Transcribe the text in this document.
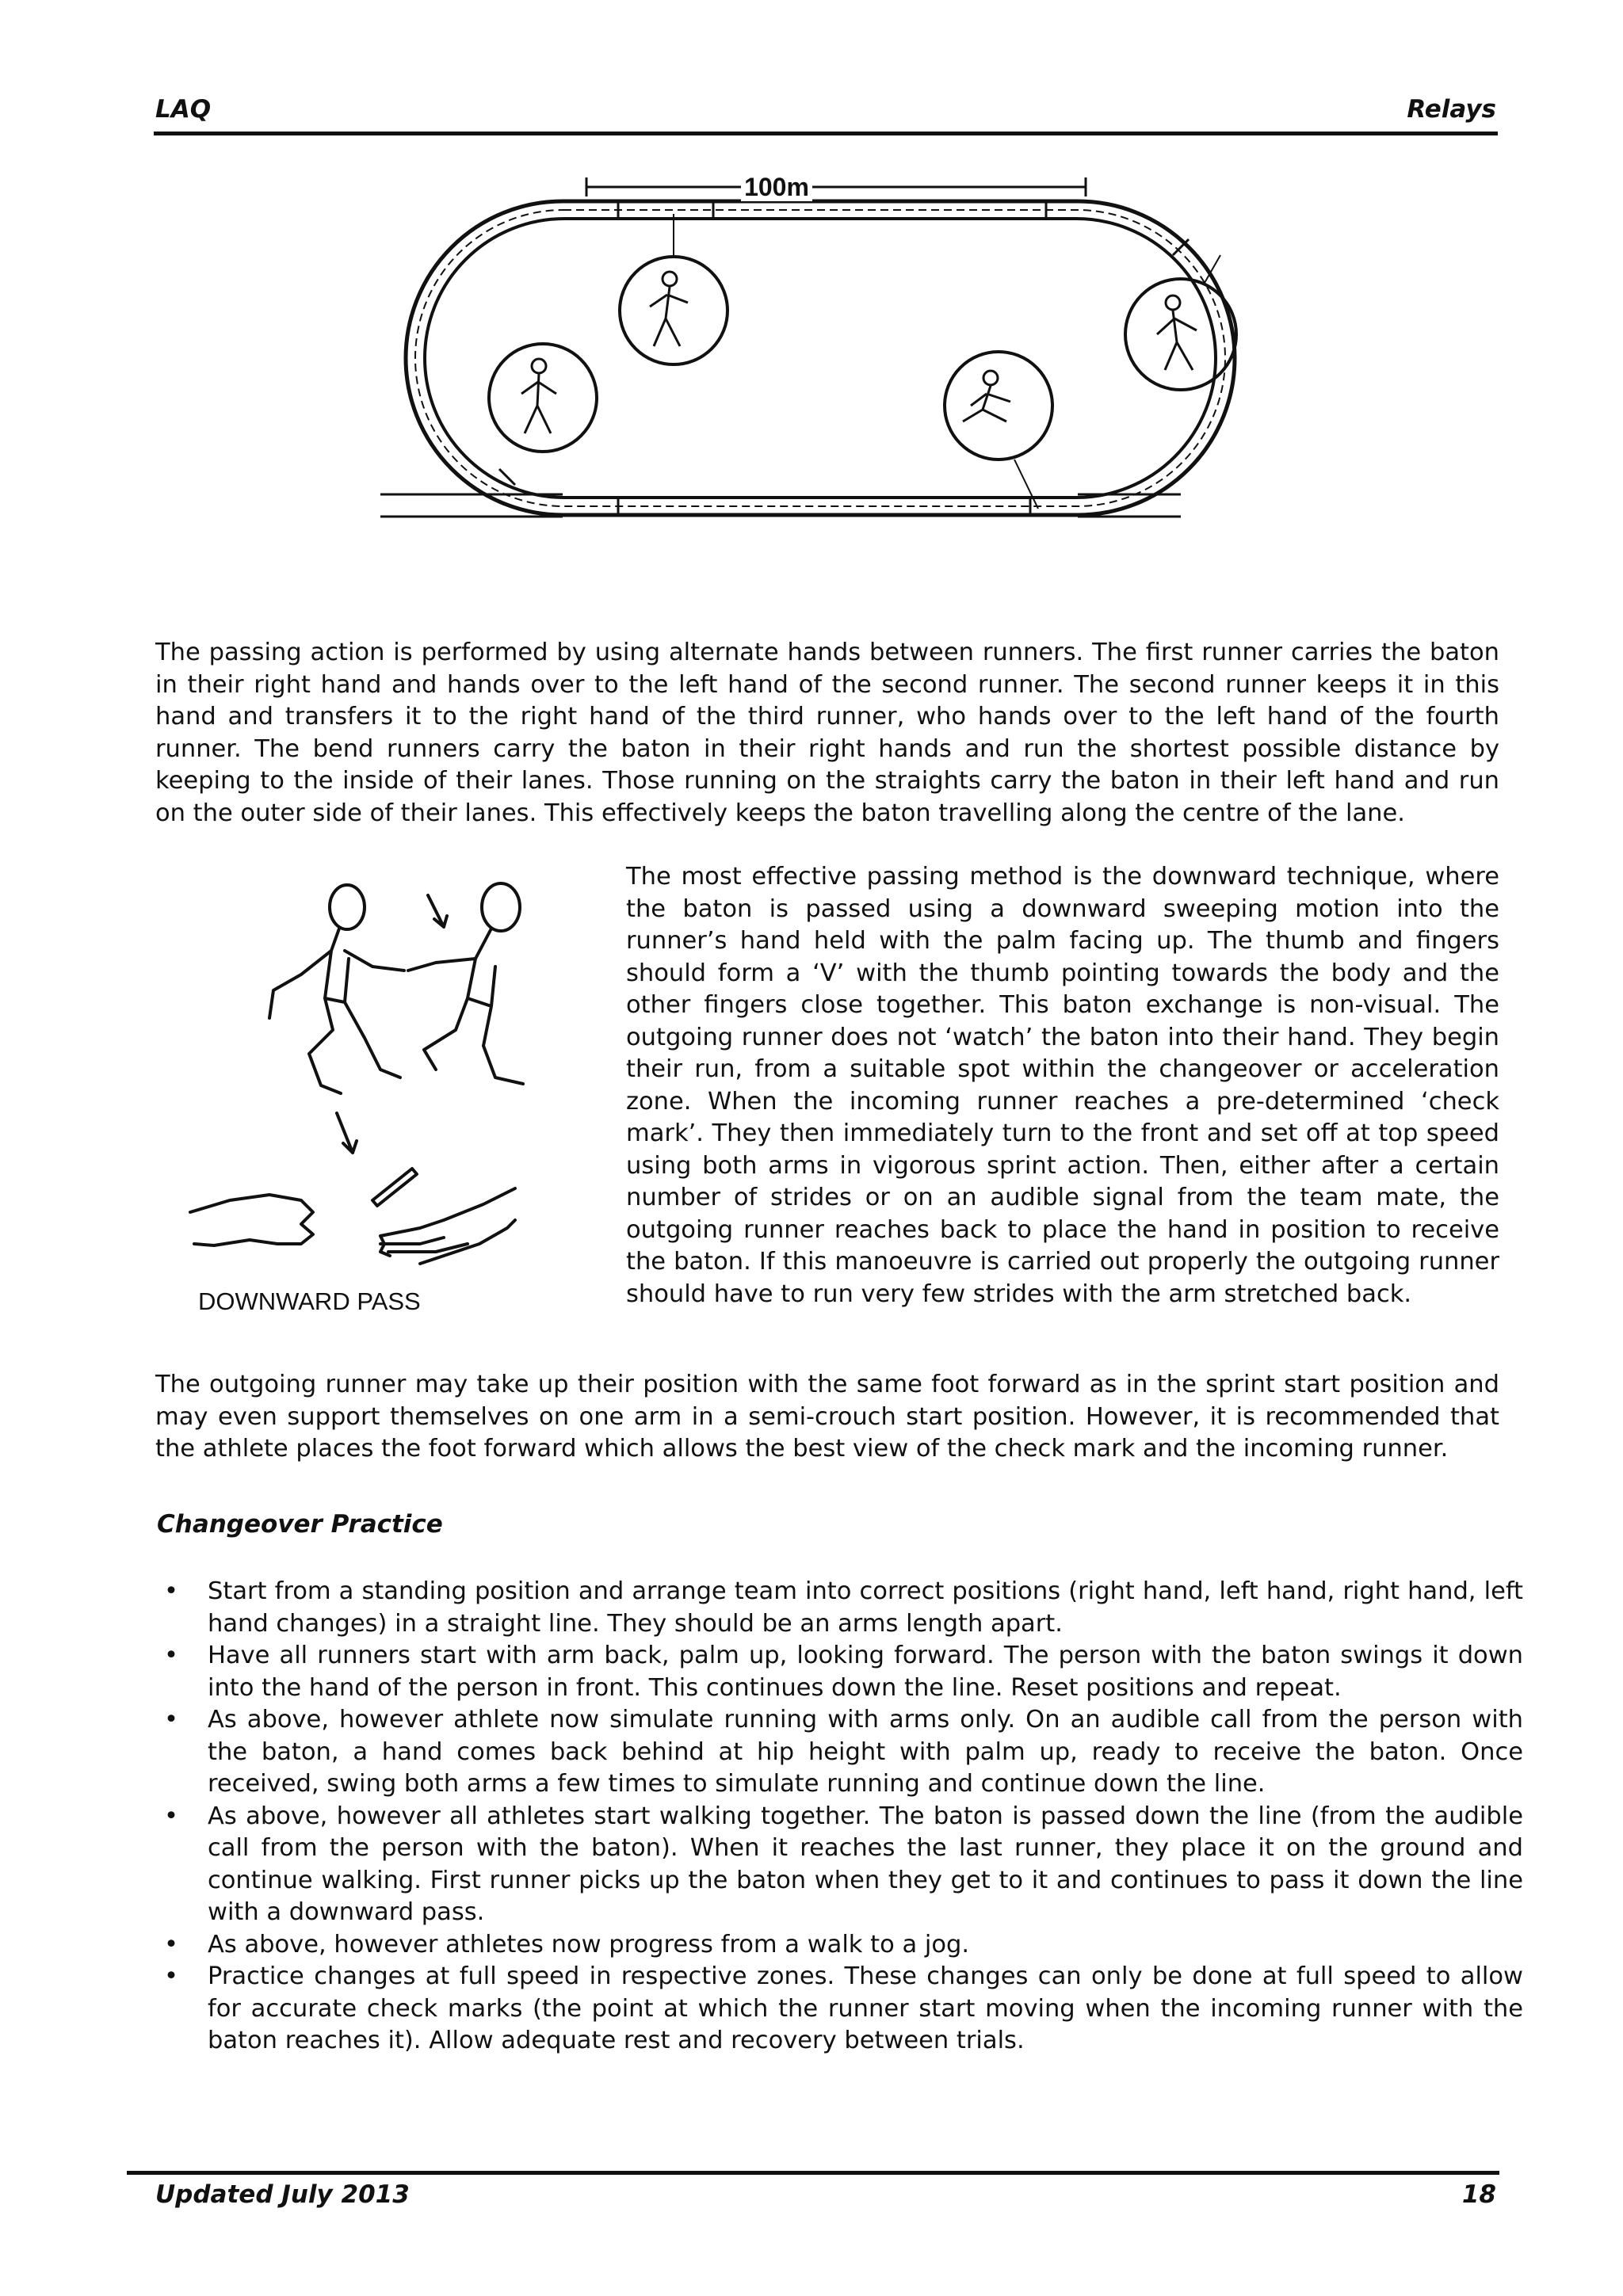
LAQ	Relays
100m

The passing action is performed by using alternate hands between runners. The first runner carries the baton in their right hand and hands over to the left hand of the second runner. The second runner keeps it in this hand and transfers it to the right hand of the third runner, who hands over to the left hand of the fourth runner. The bend runners carry the baton in their right hands and run the shortest possible distance by keeping to the inside of their lanes. Those running on the straights carry the baton in their left hand and run on the outer side of their lanes. This effectively keeps the baton travelling along the centre of the lane.

DOWNWARD PASS

The most effective passing method is the downward technique, where the baton is passed using a downward sweeping motion into the runner’s hand held with the palm facing up. The thumb and fingers should form a ‘V’ with the thumb pointing towards the body and the other fingers close together. This baton exchange is non-visual. The outgoing runner does not ‘watch’ the baton into their hand. They begin their run, from a suitable spot within the changeover or acceleration zone. When the incoming runner reaches a pre-determined ‘check mark’. They then immediately turn to the front and set off at top speed using both arms in vigorous sprint action. Then, either after a certain number of strides or on an audible signal from the team mate, the outgoing runner reaches back to place the hand in position to receive the baton. If this manoeuvre is carried out properly the outgoing runner should have to run very few strides with the arm stretched back.

The outgoing runner may take up their position with the same foot forward as in the sprint start position and may even support themselves on one arm in a semi-crouch start position. However, it is recommended that the athlete places the foot forward which allows the best view of the check mark and the incoming runner.

Changeover Practice
• Start from a standing position and arrange team into correct positions (right hand, left hand, right hand, left hand changes) in a straight line. They should be an arms length apart.
• Have all runners start with arm back, palm up, looking forward. The person with the baton swings it down into the hand of the person in front. This continues down the line. Reset positions and repeat.
• As above, however athlete now simulate running with arms only. On an audible call from the person with the baton, a hand comes back behind at hip height with palm up, ready to receive the baton. Once received, swing both arms a few times to simulate running and continue down the line.
• As above, however all athletes start walking together. The baton is passed down the line (from the audible call from the person with the baton). When it reaches the last runner, they place it on the ground and continue walking. First runner picks up the baton when they get to it and continues to pass it down the line with a downward pass.
• As above, however athletes now progress from a walk to a jog.
• Practice changes at full speed in respective zones. These changes can only be done at full speed to allow for accurate check marks (the point at which the runner start moving when the incoming runner with the baton reaches it). Allow adequate rest and recovery between trials.
Updated July 2013	18
